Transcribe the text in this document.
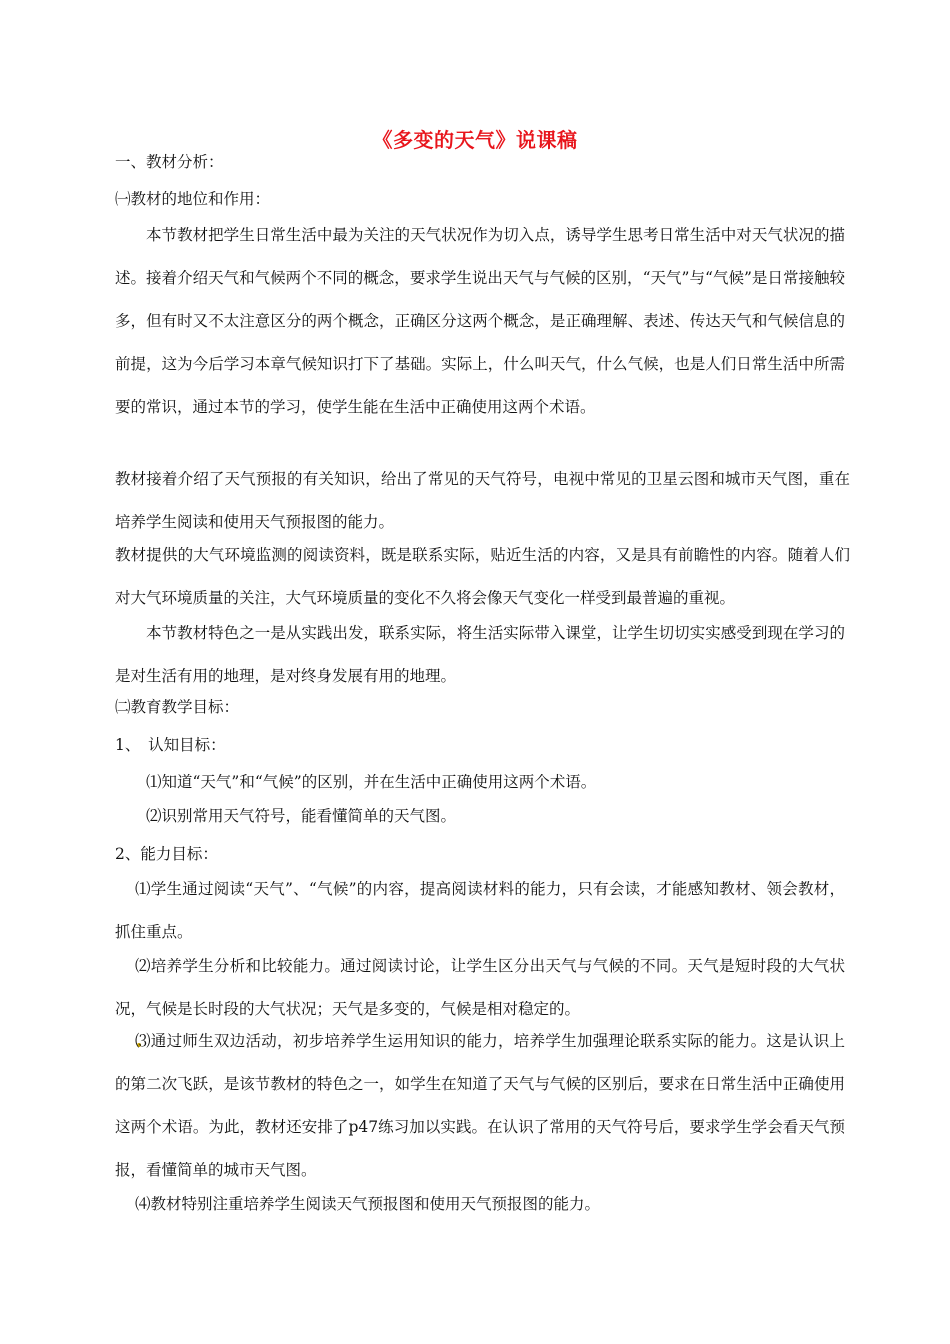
《多变的天气》说课稿
一、教材分析：
㈠教材的地位和作用：
本节教材把学生日常生活中最为关注的天气状况作为切入点，诱导学生思考日常生活中对天气状况的描述。接着介绍天气和气候两个不同的概念，要求学生说出天气与气候的区别，“天气”与“气候”是日常接触较多，但有时又不太注意区分的两个概念，正确区分这两个概念，是正确理解、表述、传达天气和气候信息的前提，这为今后学习本章气候知识打下了基础。实际上，什么叫天气，什么气候，也是人们日常生活中所需要的常识，通过本节的学习，使学生能在生活中正确使用这两个术语。
教材接着介绍了天气预报的有关知识，给出了常见的天气符号，电视中常见的卫星云图和城市天气图，重在培养学生阅读和使用天气预报图的能力。
教材提供的大气环境监测的阅读资料，既是联系实际，贴近生活的内容，又是具有前瞻性的内容。随着人们对大气环境质量的关注，大气环境质量的变化不久将会像天气变化一样受到最普遍的重视。
本节教材特色之一是从实践出发，联系实际，将生活实际带入课堂，让学生切切实实感受到现在学习的是对生活有用的地理，是对终身发展有用的地理。
㈡教育教学目标：
1、　认知目标：
⑴知道“天气”和“气候”的区别，并在生活中正确使用这两个术语。
⑵识别常用天气符号，能看懂简单的天气图。
2、能力目标：
⑴学生通过阅读“天气”、“气候”的内容，提高阅读材料的能力，只有会读，才能感知教材、领会教材，抓住重点。
⑵培养学生分析和比较能力。通过阅读讨论，让学生区分出天气与气候的不同。天气是短时段的大气状况，气候是长时段的大气状况；天气是多变的，气候是相对稳定的。
⑶通过师生双边活动，初步培养学生运用知识的能力，培养学生加强理论联系实际的能力。这是认识上的第二次飞跃，是该节教材的特色之一，如学生在知道了天气与气候的区别后，要求在日常生活中正确使用这两个术语。为此，教材还安排了p47练习加以实践。在认识了常用的天气符号后，要求学生学会看天气预报，看懂简单的城市天气图。
⑷教材特别注重培养学生阅读天气预报图和使用天气预报图的能力。
